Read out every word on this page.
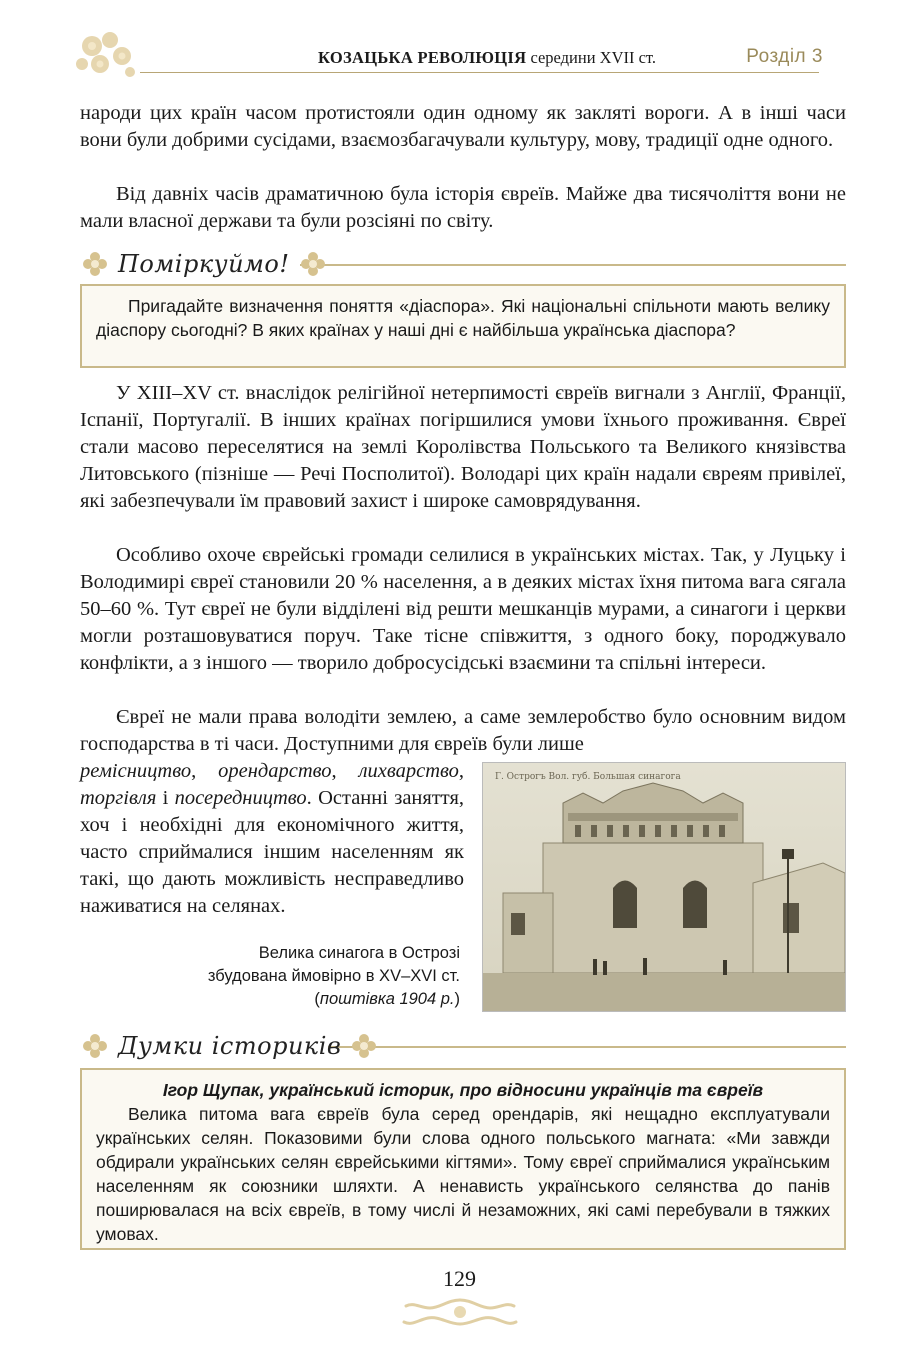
КОЗАЦЬКА РЕВОЛЮЦІЯ середини XVII ст.	Розділ 3

народи цих країн часом протистояли один одному як закляті вороги. А в інші часи вони були добрими сусідами, взаємозбагачували культуру, мову, традиції одне одного.

Від давніх часів драматичною була історія євреїв. Майже два тисячоліття вони не мали власної держави та були розсіяні по світу.

Поміркуймо!
Пригадайте визначення поняття «діаспора». Які національні спільноти мають велику діаспору сьогодні? В яких країнах у наші дні є найбільша українська діаспора?

У XIII–XV ст. внаслідок релігійної нетерпимості євреїв вигнали з Англії, Франції, Іспанії, Португалії. В інших країнах погіршилися умови їхнього проживання. Євреї стали масово переселятися на землі Королівства Польського та Великого князівства Литовського (пізніше — Речі Посполитої). Володарі цих країн надали євреям привілеї, які забезпечували їм правовий захист і широке самоврядування.

Особливо охоче єврейські громади селилися в українських містах. Так, у Луцьку і Володимирі євреї становили 20 % населення, а в деяких містах їхня питома вага сягала 50–60 %. Тут євреї не були відділені від решти мешканців мурами, а синагоги і церкви могли розташовуватися поруч. Таке тісне співжиття, з одного боку, породжувало конфлікти, а з іншого — творило добросусідські взаємини та спільні інтереси.

Євреї не мали права володіти землею, а саме землеробство було основним видом господарства в ті часи. Доступними для євреїв були лише

ремісництво, орендарство, лихварство, торгівля і посередництво. Останні заняття, хоч і необхідні для економічного життя, часто сприймалися іншим населенням як такі, що дають можливість несправедливо наживатися на селянах.

Г. Острогъ Вол. губ. Большая синагога
Велика синагога в Острозі
збудована ймовірно в XV–XVI ст.
(поштівка 1904 р.)
Думки істориків
Ігор Щупак, український історик, про відносини українців та євреїв
Велика питома вага євреїв була серед орендарів, які нещадно експлуатували українських селян. Показовими були слова одного польського магната: «Ми завжди обдирали українських селян єврейськими кігтями». Тому євреї сприймалися українським населенням як союзники шляхти. А ненависть українського селянства до панів поширювалася на всіх євреїв, в тому числі й незаможних, які самі перебували в тяжких умовах.
129
